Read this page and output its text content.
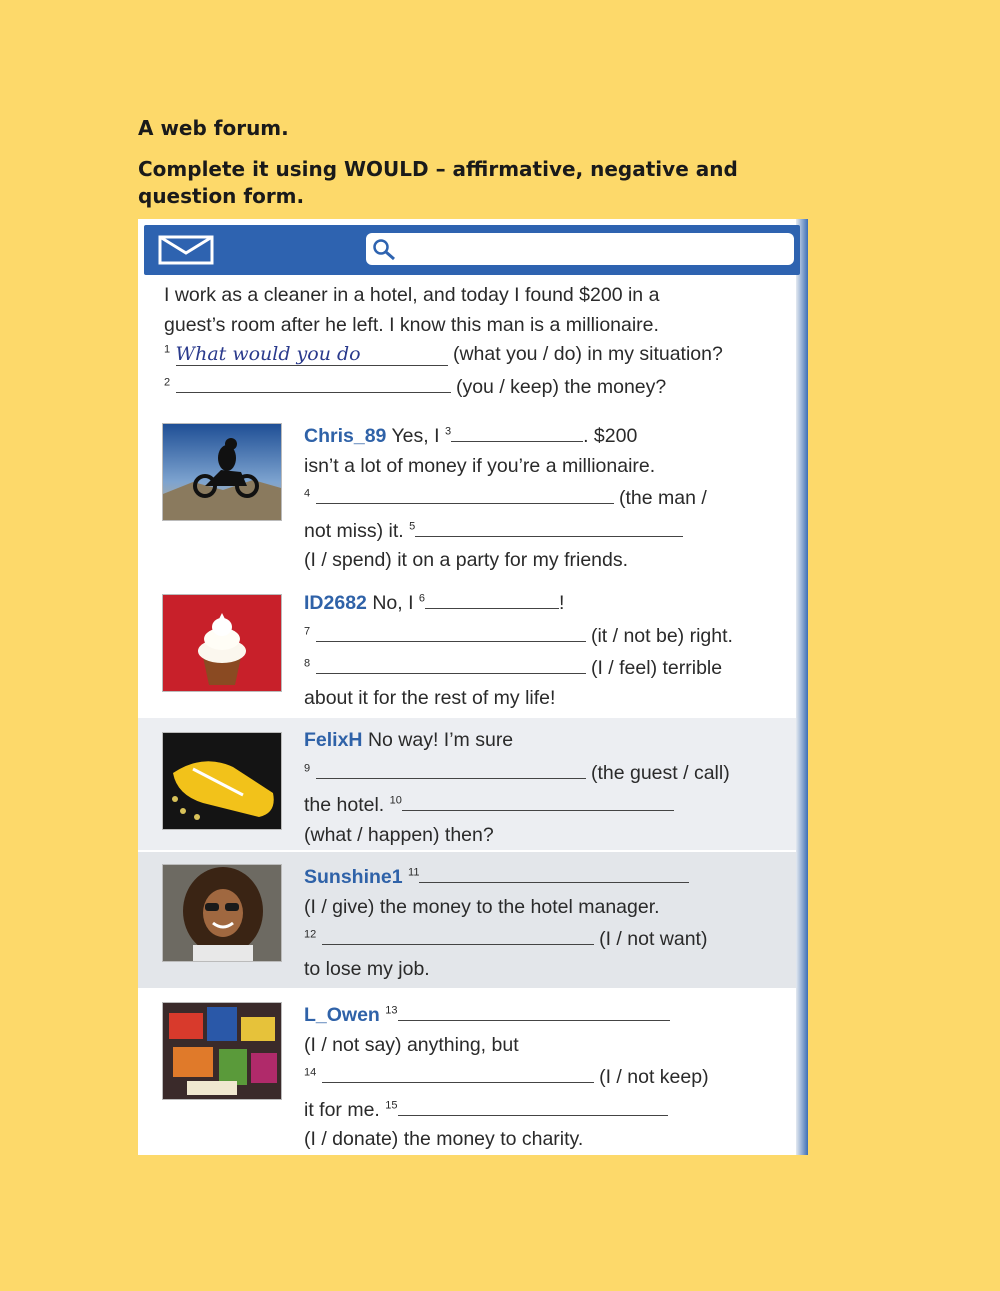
A web forum.
Complete it using WOULD – affirmative, negative and question form.
I work as a cleaner in a hotel, and today I found $200 in a
guest’s room after he left. I know this man is a millionaire.
$^1$ What would you do	(what you / do) in my situation?
$^2$	(you / keep) the money?
Chris_89 Yes, I $^3$	. $200
isn’t a lot of money if you’re a millionaire.
$^4$	(the man /
not miss) it. $^5$
(I / spend) it on a party for my friends.
ID2682 No, I $^6$	!
$^7$	(it / not be) right.
$^8$	(I / feel) terrible
about it for the rest of my life!
FelixH No way! I’m sure
$^9$	(the guest / call)
the hotel. $^{10}$
(what / happen) then?
Sunshine1 $^{11}$
(I / give) the money to the hotel manager.
$^{12}$	(I / not want)
to lose my job.
L_Owen $^{13}$
(I / not say) anything, but
$^{14}$	(I / not keep)
it for me. $^{15}$
(I / donate) the money to charity.
